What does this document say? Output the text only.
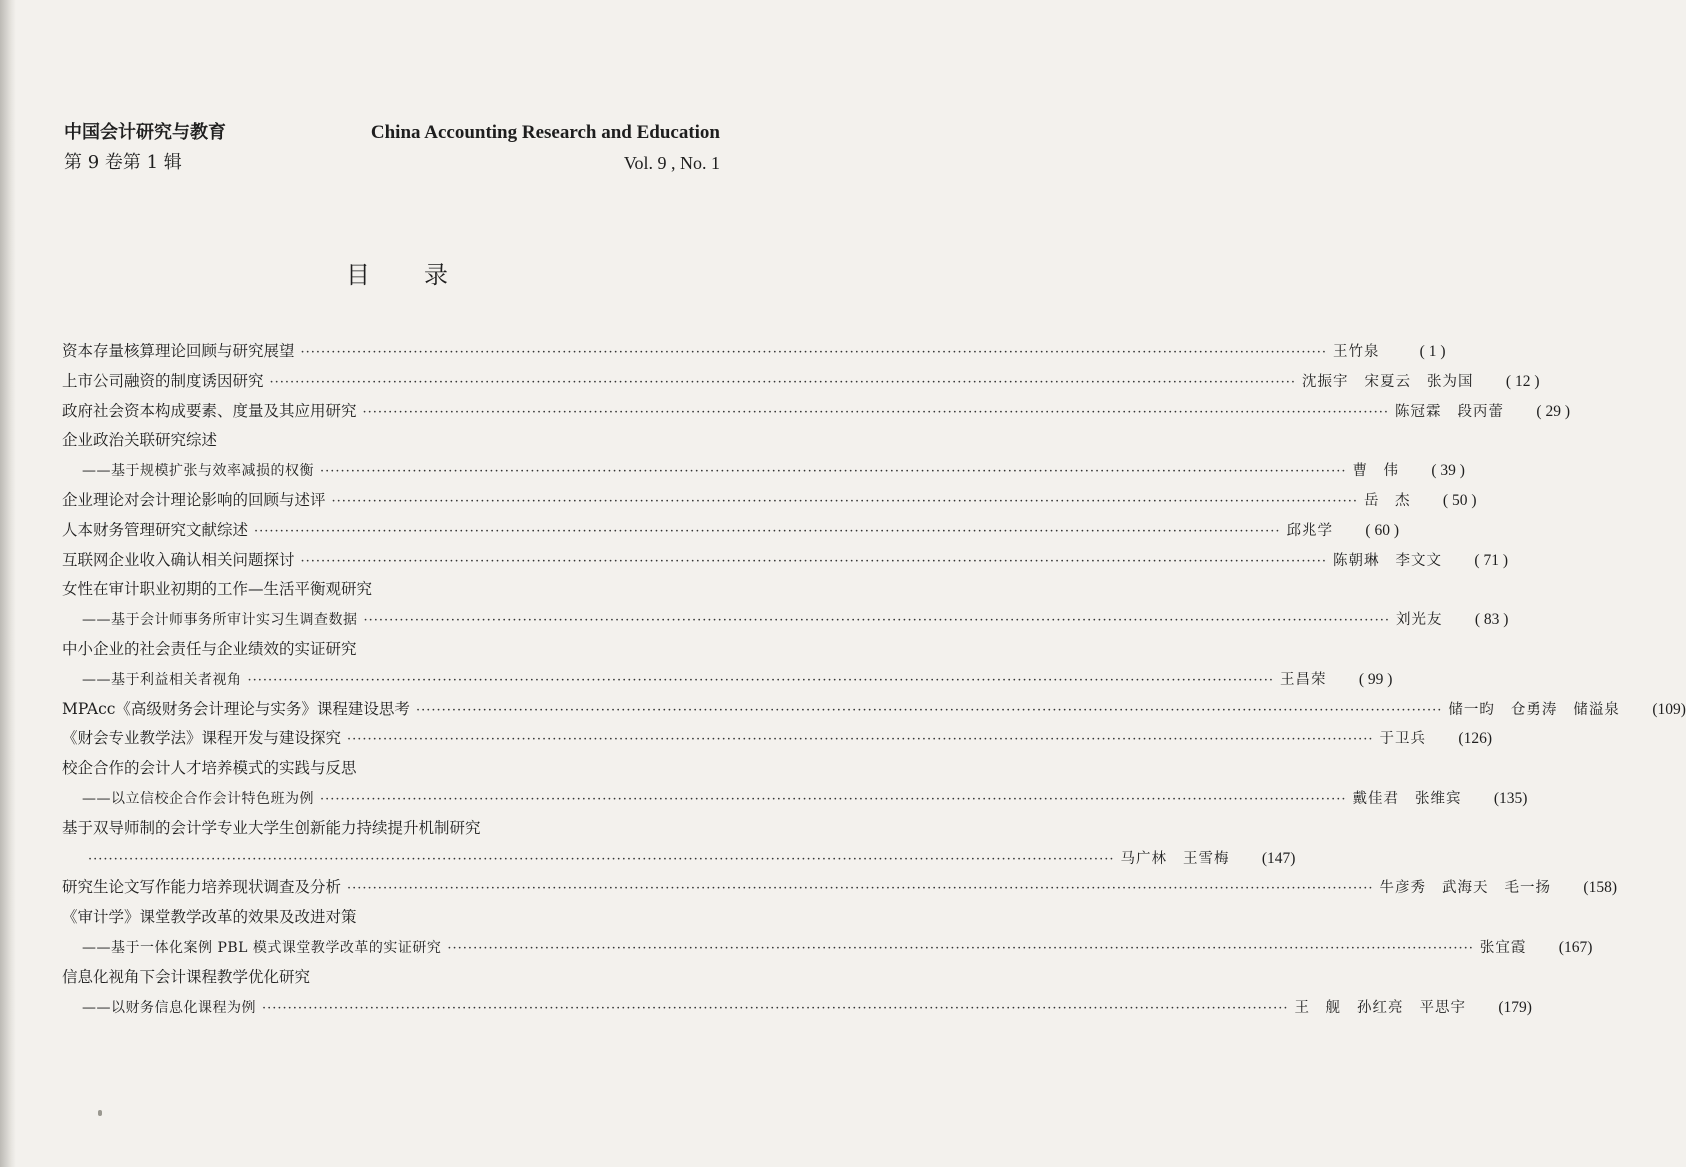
中国会计研究与教育
第 9 卷第 1 辑
China Accounting Research and Education
Vol. 9 , No. 1
目录
资本存量核算理论回顾与研究展望 ········································································································································································································ 王竹泉	( 1 )
上市公司融资的制度诱因研究 ········································································································································································································ 沈振宇 宋夏云 张为国	( 12 )
政府社会资本构成要素、度量及其应用研究 ········································································································································································································ 陈冠霖 段丙蕾	( 29 )
企业政治关联研究综述
——基于规模扩张与效率减损的权衡 ········································································································································································································ 曹　伟	( 39 )
企业理论对会计理论影响的回顾与述评 ········································································································································································································ 岳　杰	( 50 )
人本财务管理研究文献综述 ········································································································································································································ 邱兆学	( 60 )
互联网企业收入确认相关问题探讨 ········································································································································································································ 陈朝琳 李文文	( 71 )
女性在审计职业初期的工作—生活平衡观研究
——基于会计师事务所审计实习生调查数据 ········································································································································································································ 刘光友	( 83 )
中小企业的社会责任与企业绩效的实证研究
——基于利益相关者视角 ········································································································································································································ 王昌荣	( 99 )
MPAcc《高级财务会计理论与实务》课程建设思考 ········································································································································································································ 储一昀 仓勇涛 储溢泉	(109)
《财会专业教学法》课程开发与建设探究 ········································································································································································································ 于卫兵	(126)
校企合作的会计人才培养模式的实践与反思
——以立信校企合作会计特色班为例 ········································································································································································································ 戴佳君 张维宾	(135)
基于双导师制的会计学专业大学生创新能力持续提升机制研究
········································································································································································································ 马广林 王雪梅	(147)
研究生论文写作能力培养现状调查及分析 ········································································································································································································ 牛彦秀 武海天 毛一扬	(158)
《审计学》课堂教学改革的效果及改进对策
——基于一体化案例 PBL 模式课堂教学改革的实证研究 ········································································································································································································ 张宜霞	(167)
信息化视角下会计课程教学优化研究
——以财务信息化课程为例 ········································································································································································································ 王　舰 孙红亮 平思宇	(179)
